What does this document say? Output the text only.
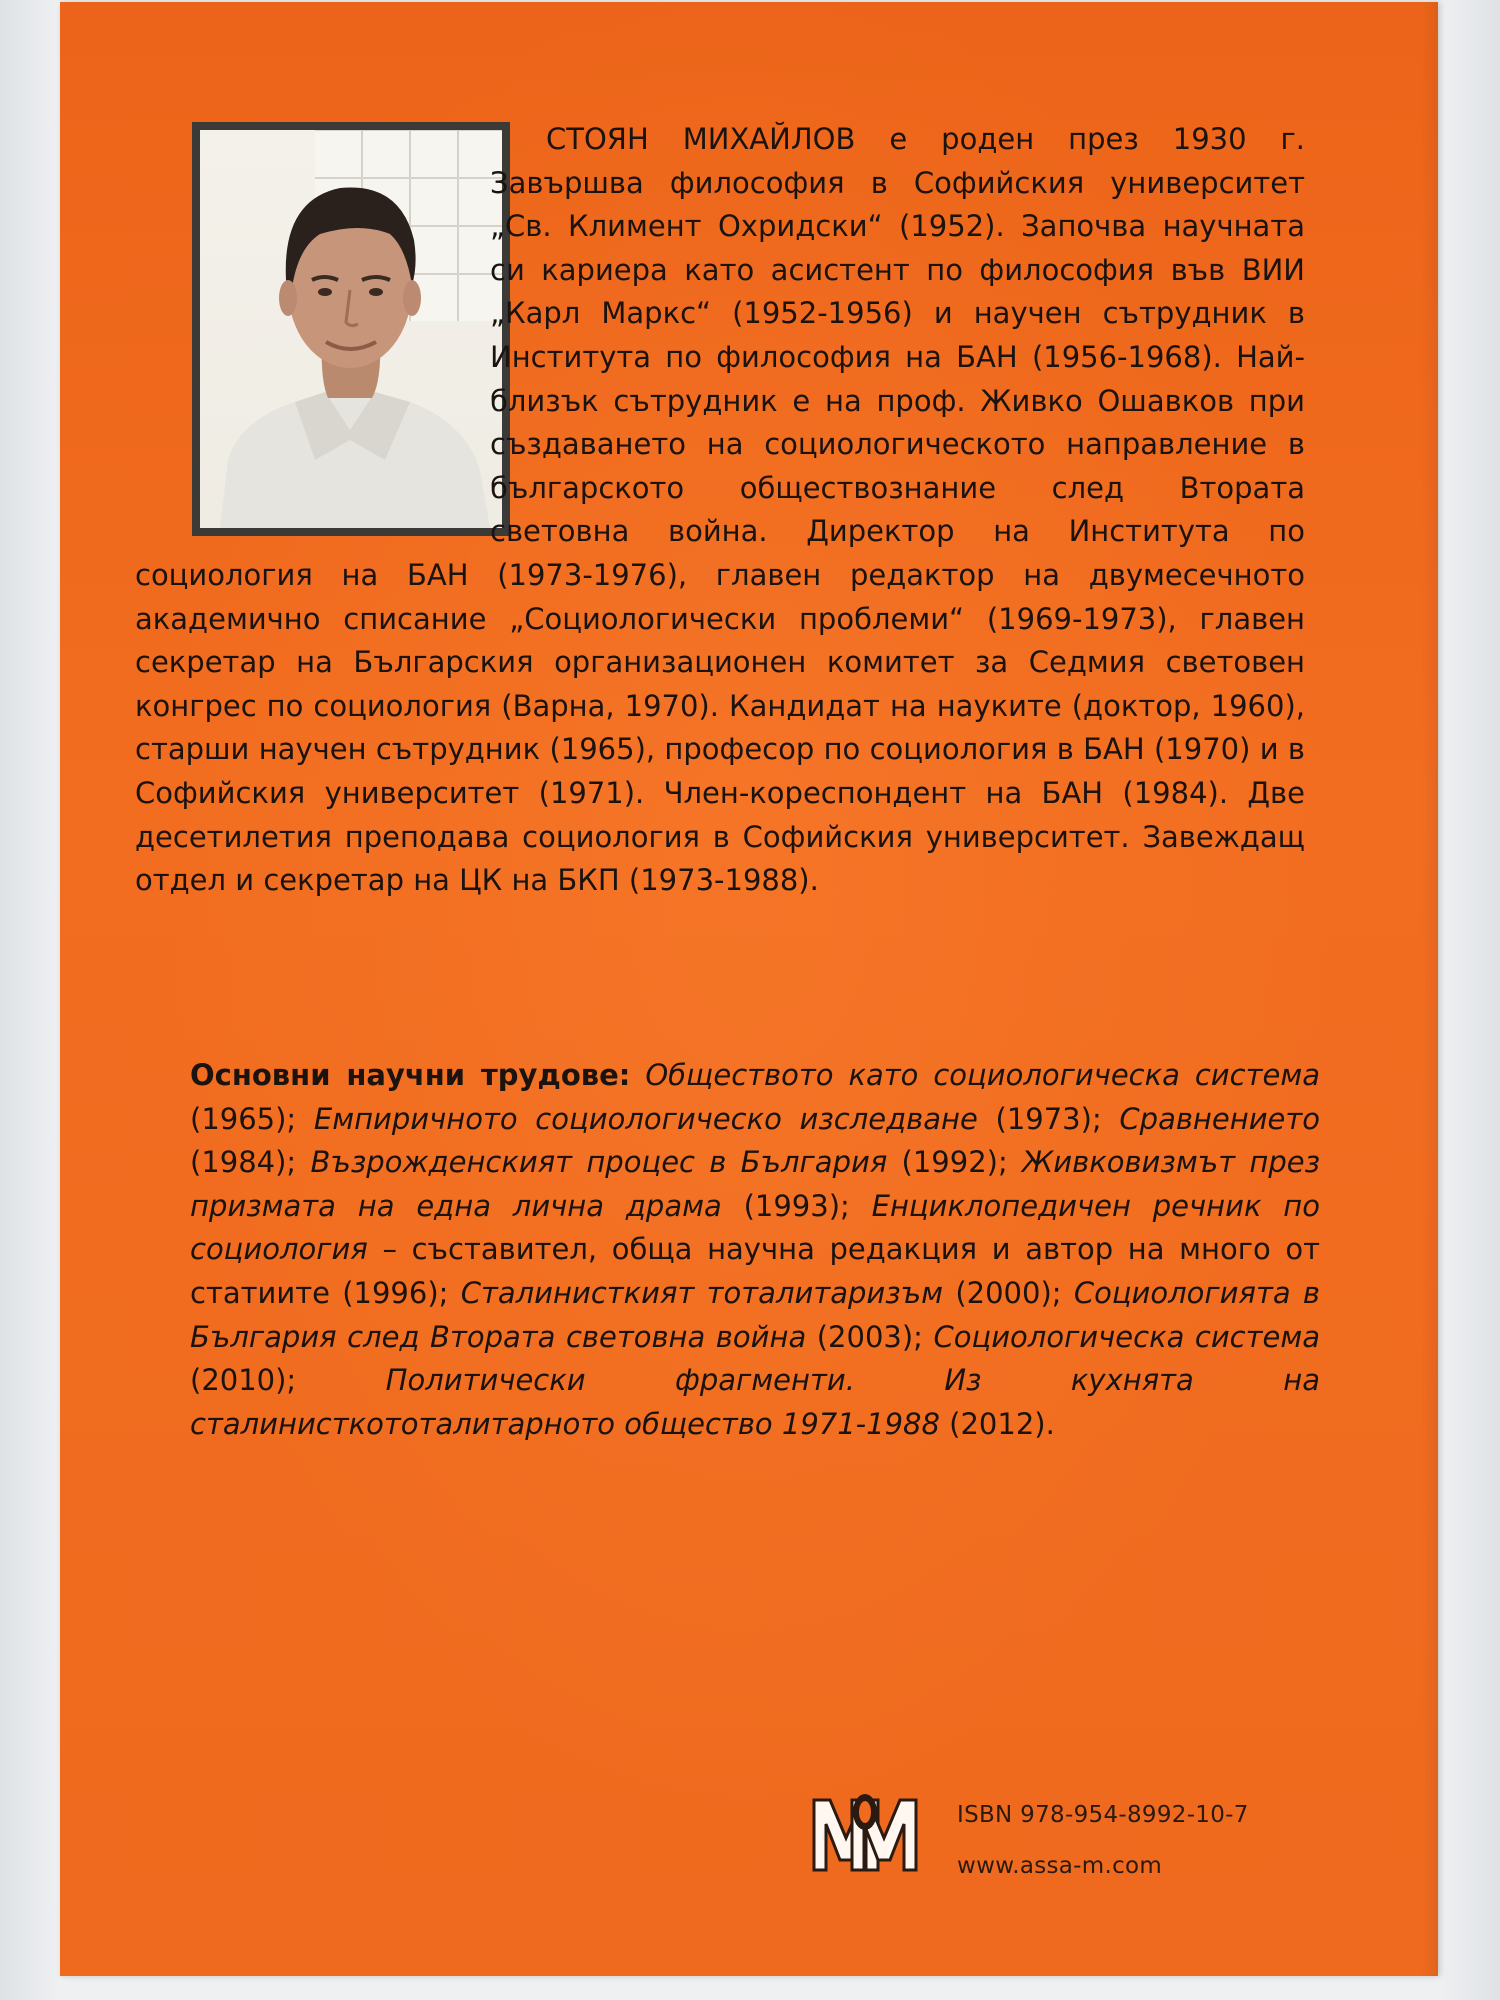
СТОЯН МИХАЙЛОВ е роден през 1930 г. Завършва философия в Софийския университет „Св. Климент Охридски“ (1952). Започва научната си кариера като асистент по философия във ВИИ „Карл Маркс“ (1952-1956) и научен сътрудник в Института по философия на БАН (1956-1968). Най-близък сътрудник е на проф. Живко Ошавков при създаването на социологическото направление в българското обществознание след Втората световна война. Директор на Института по социология на БАН (1973-1976), главен редактор на двумесечното академично списание „Социологически проблеми“ (1969-1973), главен секретар на Българския организационен комитет за Седмия световен конгрес по социология (Варна, 1970). Кандидат на науките (доктор, 1960), старши научен сътрудник (1965), професор по социология в БАН (1970) и в Софийския университет (1971). Член-кореспондент на БАН (1984). Две десетилетия преподава социология в Софийския университет. Завеждащ отдел и секретар на ЦК на БКП (1973-1988).

Основни научни трудове: Обществото като социологическа система (1965); Емпиричното социологическо изследване (1973); Сравнението (1984); Възрожденският процес в България (1992); Живковизмът през призмата на една лична драма (1993); Енциклопедичен речник по социология – съставител, обща научна редакция и автор на много от статиите (1996); Сталинисткият тоталитаризъм (2000); Социологията в България след Втората световна война (2003); Социологическа система (2010); Политически фрагменти. Из кухнята на сталинисткототалитарното общество 1971-1988 (2012).

М
ISBN 978-954-8992-10-7
www.assa-m.com
